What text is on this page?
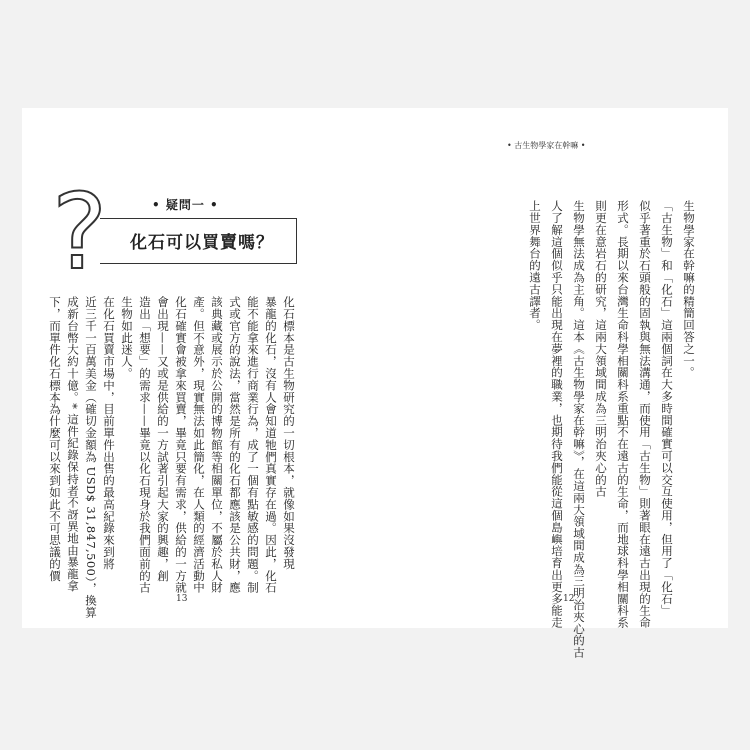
• 古生物學家在幹嘛 •
生物學家在幹嘛的精簡回答之一。
「古生物」和「化石」這兩個詞在大多時間確實可以交互使用，但用了「化石」
似乎著重於石頭般的固執與無法溝通，而使用「古生物」則著眼在遠古出現的生命
形式。長期以來台灣生命科學相關科系重點不在遠古的生命，而地球科學相關科系
則更在意岩石的研究，這兩大領域間成為三明治夾心的古
生物學無法成為主角。這本《古生物學家在幹嘛》，在這兩大領域間成為三明治夾心的古
人了解這個似乎只能出現在夢裡的職業，也期待我們能從這個島嶼培育出更多能走
上世界舞台的遠古譯者。
12
?	• 疑問一 •
化石可以買賣嗎？
化石標本是古生物研究的一切根本，就像如果沒發現
暴龍的化石，沒有人會知道牠們真實存在過。因此，化石
能不能拿來進行商業行為，成了一個有點敏感的問題。制
式或官方的說法，當然是所有的化石都應該是公共財，應
該典藏或展示於公開的博物館等相關單位，不屬於私人財
產。但不意外，現實無法如此簡化，在人類的經濟活動中
化石確實會被拿來買賣，畢竟只要有需求，供給的一方就
會出現——又或是供給的一方試著引起大家的興趣，創
造出「想要」的需求——畢竟以化石現身於我們面前的古
生物如此迷人。
在化石買賣市場中，目前單件出售的最高紀錄來到將
近三千一百萬美金（確切金額為 USD$ 31,847,500），換算
成新台幣大約十億。* 這件紀錄保持者不訝異地由暴龍拿
下，而單件化石標本為什麼可以來到如此不可思議的價
13
